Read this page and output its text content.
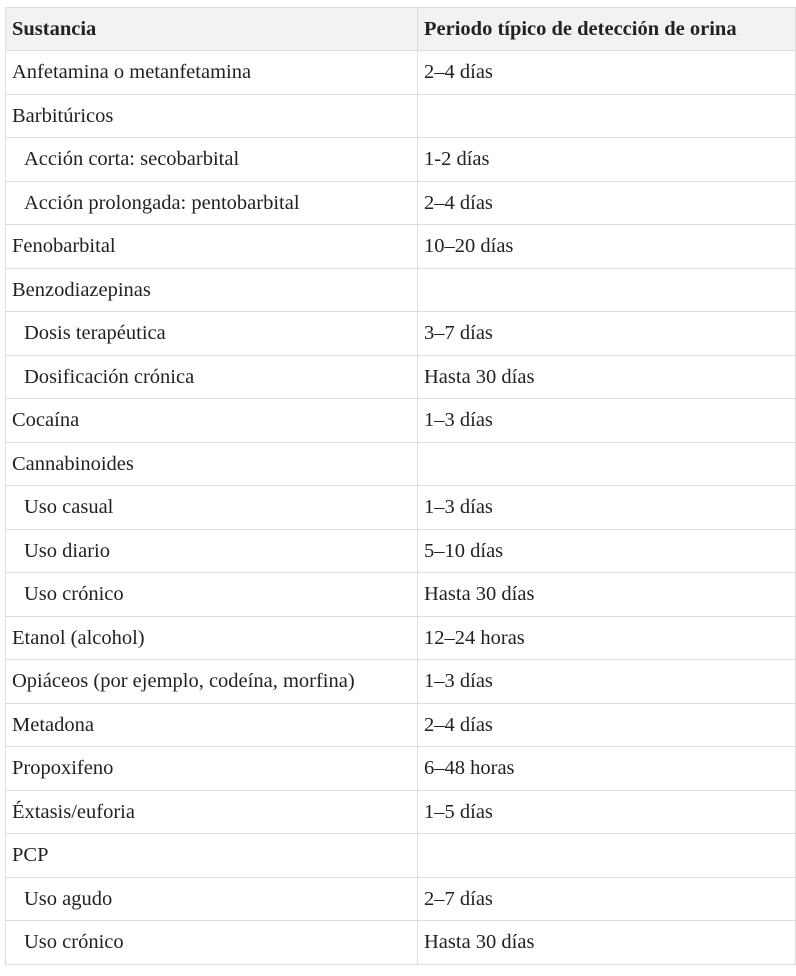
Sustancia	Periodo típico de detección de orina
Anfetamina o metanfetamina	2–4 días
Barbitúricos	
Acción corta: secobarbital	1-2 días
Acción prolongada: pentobarbital	2–4 días
Fenobarbital	10–20 días
Benzodiazepinas	
Dosis terapéutica	3–7 días
Dosificación crónica	Hasta 30 días
Cocaína	1–3 días
Cannabinoides	
Uso casual	1–3 días
Uso diario	5–10 días
Uso crónico	Hasta 30 días
Etanol (alcohol)	12–24 horas
Opiáceos (por ejemplo, codeína, morfina)	1–3 días
Metadona	2–4 días
Propoxifeno	6–48 horas
Éxtasis/euforia	1–5 días
PCP	
Uso agudo	2–7 días
Uso crónico	Hasta 30 días
